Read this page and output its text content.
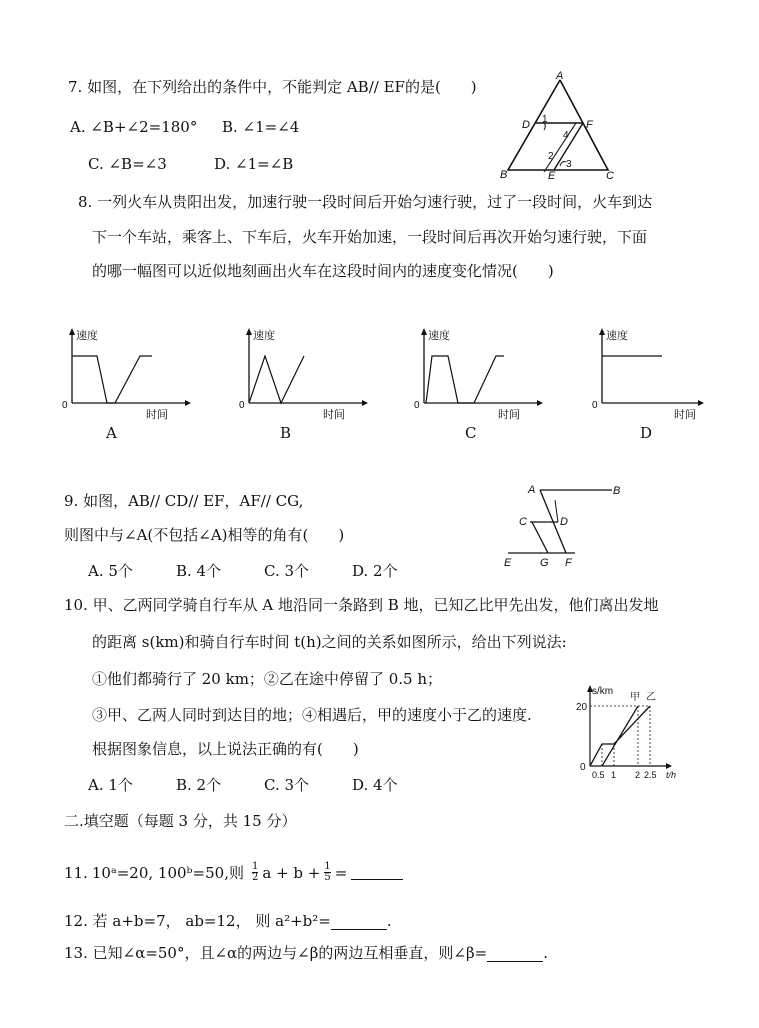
7. 如图，在下列给出的条件中，不能判定 AB// EF的是(　　)
A. ∠B+∠2=180° B. ∠1=∠4
C. ∠B=∠3	D. ∠1=∠B
A
D	F
B	E	C
1
2
3
4
8. 一列火车从贵阳出发，加速行驶一段时间后开始匀速行驶，过了一段时间，火车到达
下一个车站，乘客上、下车后，火车开始加速，一段时间后再次开始匀速行驶，下面
的哪一幅图可以近似地刻画出火车在这段时间内的速度变化情况(　　)
速度
时间
0
A
速度
时间
0
B
速度
时间
0
C
速度
时间
0
D
9. 如图，AB// CD// EF，AF// CG,
则图中与∠A(不包括∠A)相等的角有(　　)
A. 5个	B. 4个	C. 3个	D. 2个
A	B
C	D
E	G F
10. 甲、乙两同学骑自行车从 A 地沿同一条路到 B 地，已知乙比甲先出发，他们离出发地
的距离 s(km)和骑自行车时间 t(h)之间的关系如图所示，给出下列说法:
①他们都骑行了 20 km；②乙在途中停留了 0.5 h；
③甲、乙两人同时到达目的地；④相遇后，甲的速度小于乙的速度.
根据图象信息，以上说法正确的有(　　)
A. 1个	B. 2个	C. 3个	D. 4个
s/km
20
0
甲 乙
0.5 1 2 2.5 t/h
二.填空题（每题 3 分，共 15 分）
11. 10ᵃ=20, 100ᵇ=50,则 $\frac{1}{2}$ $a + b + \frac{1}{5}$ =
12. 若 a+b=7， ab=12， 则 a²+b²=	.
13. 已知∠α=50°，且∠α的两边与∠β的两边互相垂直，则∠β=	.
